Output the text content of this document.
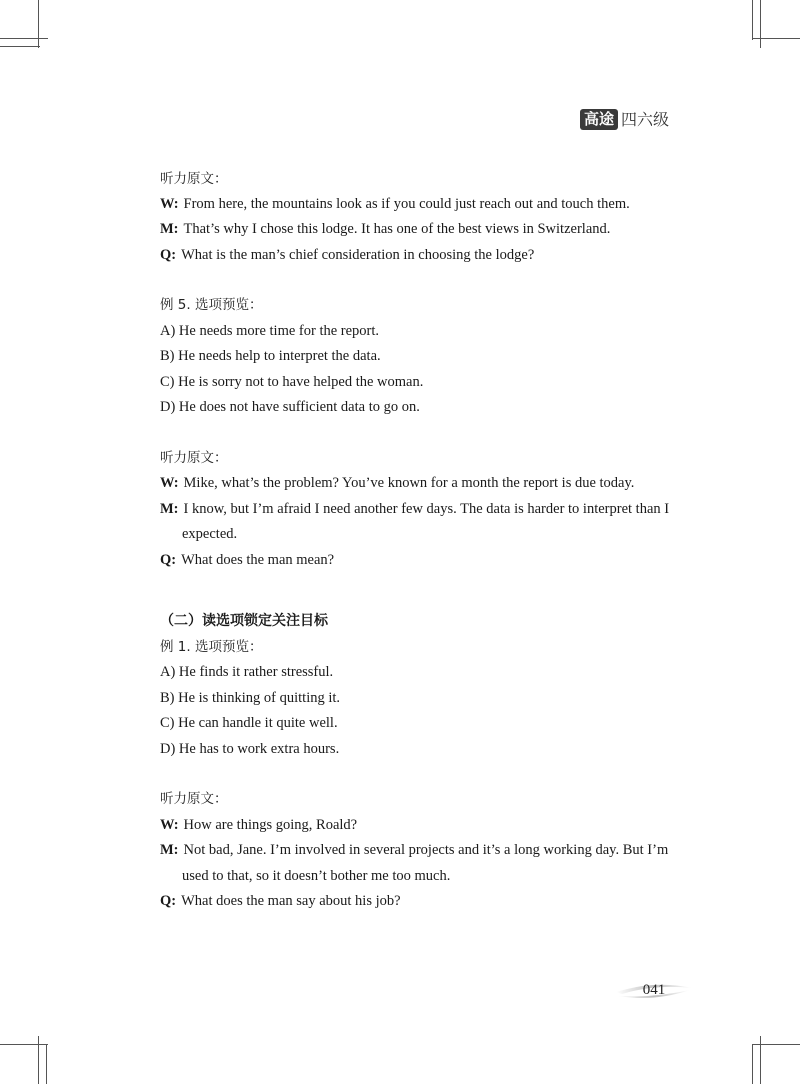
高途 四六级
听力原文：
W: From here, the mountains look as if you could just reach out and touch them.
M: That’s why I chose this lodge. It has one of the best views in Switzerland.
Q: What is the man’s chief consideration in choosing the lodge?
例 5. 选项预览：
A) He needs more time for the report.
B) He needs help to interpret the data.
C) He is sorry not to have helped the woman.
D) He does not have sufficient data to go on.
听力原文：
W: Mike, what’s the problem? You’ve known for a month the report is due today.
M: I know, but I’m afraid I need another few days. The data is harder to interpret than I
expected.
Q: What does the man mean?
（二）读选项锁定关注目标
例 1. 选项预览：
A) He finds it rather stressful.
B) He is thinking of quitting it.
C) He can handle it quite well.
D) He has to work extra hours.
听力原文：
W: How are things going, Roald?
M: Not bad, Jane. I’m involved in several projects and it’s a long working day. But I’m
used to that, so it doesn’t bother me too much.
Q: What does the man say about his job?
041
